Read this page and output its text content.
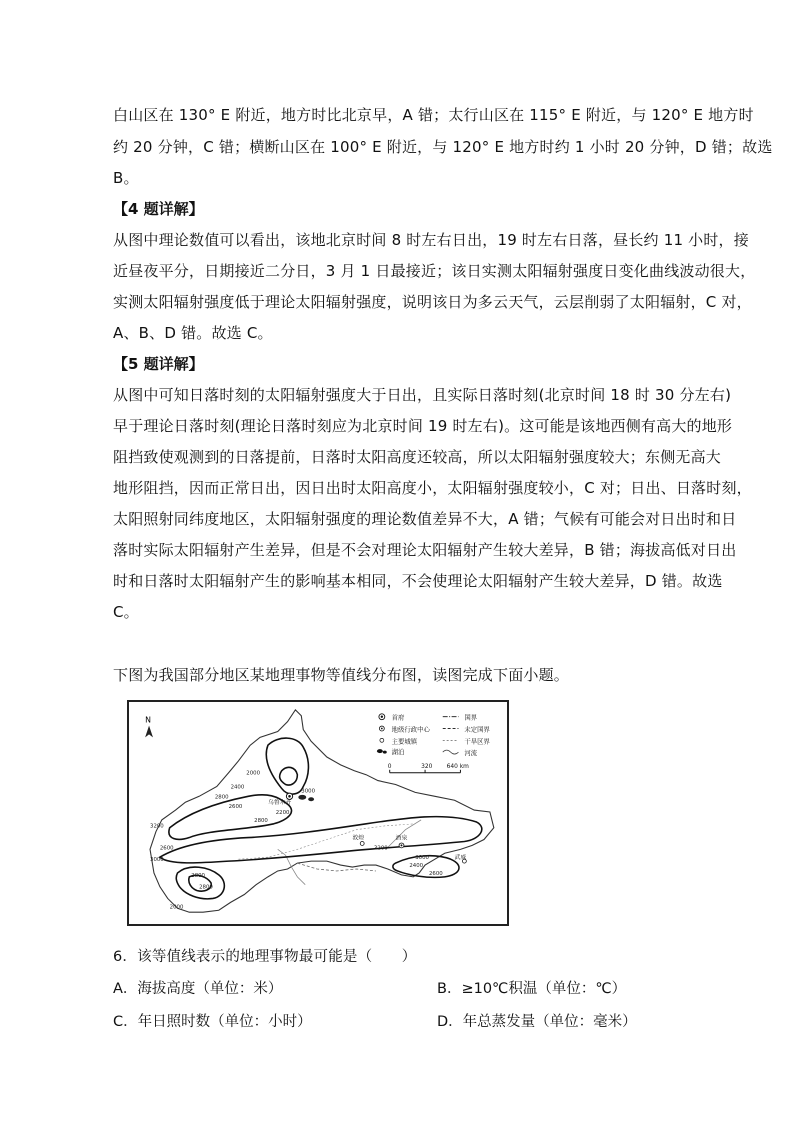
白山区在 130° E 附近，地方时比北京早，A 错；太行山区在 115° E 附近，与 120° E 地方时
约 20 分钟，C 错；横断山区在 100° E 附近，与 120° E 地方时约 1 小时 20 分钟，D 错；故选
B。
【4 题详解】
从图中理论数值可以看出，该地北京时间 8 时左右日出，19 时左右日落，昼长约 11 小时，接
近昼夜平分，日期接近二分日，3 月 1 日最接近；该日实测太阳辐射强度日变化曲线波动很大，
实测太阳辐射强度低于理论太阳辐射强度，说明该日为多云天气，云层削弱了太阳辐射，C 对，
A、B、D 错。故选 C。
【5 题详解】
从图中可知日落时刻的太阳辐射强度大于日出，且实际日落时刻(北京时间 18 时 30 分左右)
早于理论日落时刻(理论日落时刻应为北京时间 19 时左右)。这可能是该地西侧有高大的地形
阻挡致使观测到的日落提前，日落时太阳高度还较高，所以太阳辐射强度较大；东侧无高大
地形阻挡，因而正常日出，因日出时太阳高度小，太阳辐射强度较小，C 对；日出、日落时刻，
太阳照射同纬度地区，太阳辐射强度的理论数值差异不大，A 错；气候有可能会对日出时和日
落时实际太阳辐射产生差异，但是不会对理论太阳辐射产生较大差异，B 错；海拔高低对日出
时和日落时太阳辐射产生的影响基本相同，不会使理论太阳辐射产生较大差异，D 错。故选
C。
下图为我国部分地区某地理事物等值线分布图，读图完成下面小题。
N
乌鲁木齐
敦煌	酒泉
武威
2000
2400
2800
3000
3200
2600
2800
2200
2600
3000
3200
2800
3000
2400
2800
2600
2000
首府
地级行政中心
主要城镇
湖泊
国界
未定国界
干旱区界
河流
0	320 640 km
6．该等值线表示的地理事物最可能是（　　）
A．海拔高度（单位：米）	B．≥10℃积温（单位：℃）
C．年日照时数（单位：小时）	D．年总蒸发量（单位：毫米）
